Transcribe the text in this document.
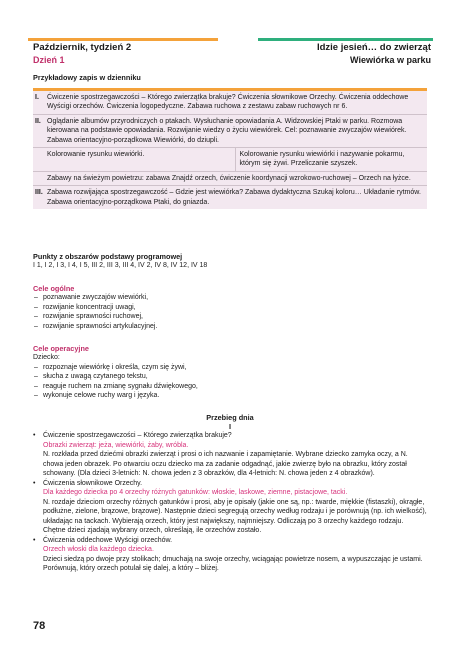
Październik, tydzień 2
Dzień 1
Idzie jesień… do zwierząt
Wiewiórka w parku
Przykładowy zapis w dzienniku
I. Ćwiczenie spostrzegawczości – Którego zwierzątka brakuje? Ćwiczenia słownikowe Orzechy. Ćwiczenia oddechowe Wyścigi orzechów. Ćwiczenia logopedyczne. Zabawa ruchowa z zestawu zabaw ruchowych nr 6.
II. Oglądanie albumów przyrodniczych o ptakach. Wysłuchanie opowiadania A. Widzowskiej Ptaki w parku. Rozmowa kierowana na podstawie opowiadania. Rozwijanie wiedzy o życiu wiewiórek. Cel: poznawanie zwyczajów wiewiórek. Zabawa orientacyjno-porządkowa Wiewiórki, do dziupli.
Kolorowanie rysunku wiewiórki.	Kolorowanie rysunku wiewiórki i nazywanie pokarmu, którym się żywi. Przeliczanie szyszek.
Zabawy na świeżym powietrzu: zabawa Znajdź orzech, ćwiczenie koordynacji wzrokowo-ruchowej – Orzech na łyżce.
III. Zabawa rozwijająca spostrzegawczość – Gdzie jest wiewiórka? Zabawa dydaktyczna Szukaj koloru… Układanie rytmów. Zabawa orientacyjno-porządkowa Ptaki, do gniazda.
Punkty z obszarów podstawy programowej
I 1, I 2, I 3, I 4, I 5, III 2, III 3, III 4, IV 2, IV 8, IV 12, IV 18
Cele ogólne
– poznawanie zwyczajów wiewiórki,
– rozwijanie koncentracji uwagi,
– rozwijanie sprawności ruchowej,
– rozwijanie sprawności artykulacyjnej.
Cele operacyjne
Dziecko:
– rozpoznaje wiewiórkę i określa, czym się żywi,
– słucha z uwagą czytanego tekstu,
– reaguje ruchem na zmianę sygnału dźwiękowego,
– wykonuje celowe ruchy warg i języka.
Przebieg dnia
I
• Ćwiczenie spostrzegawczości – Którego zwierzątka brakuje?
Obrazki zwierząt: jeża, wiewiórki, żaby, wróbla.
N. rozkłada przed dziećmi obrazki zwierząt i prosi o ich nazwanie i zapamiętanie. Wybrane dziecko zamyka oczy, a N. chowa jeden obrazek. Po otwarciu oczu dziecko ma za zadanie odgadnąć, jakie zwierzę było na obrazku, który został schowany. (Dla dzieci 3-letnich: N. chowa jeden z 3 obrazków, dla 4-letnich: N. chowa jeden z 4 obrazków).
• Ćwiczenia słownikowe Orzechy.
Dla każdego dziecka po 4 orzechy różnych gatunków: włoskie, laskowe, ziemne, pistacjowe, tacki.
N. rozdaje dzieciom orzechy różnych gatunków i prosi, aby je opisały (jakie one są, np.: twarde, miękkie (fistaszki), okrągłe, podłużne, zielone, brązowe, brązowe). Następnie dzieci segregują orzechy według rodzaju i je porównują (np. ich wielkość), układając na tackach. Wybierają orzech, który jest największy, najmniejszy. Odliczają po 3 orzechy każdego rodzaju. Chętne dzieci zjadają wybrany orzech, określają, ile orzechów zostało.
• Ćwiczenia oddechowe Wyścigi orzechów.
Orzech włoski dla każdego dziecka.
Dzieci siedzą po dwoje przy stolikach; dmuchają na swoje orzechy, wciągając powietrze nosem, a wypuszczając je ustami. Porównują, który orzech potulał się dalej, a który – bliżej.
78
